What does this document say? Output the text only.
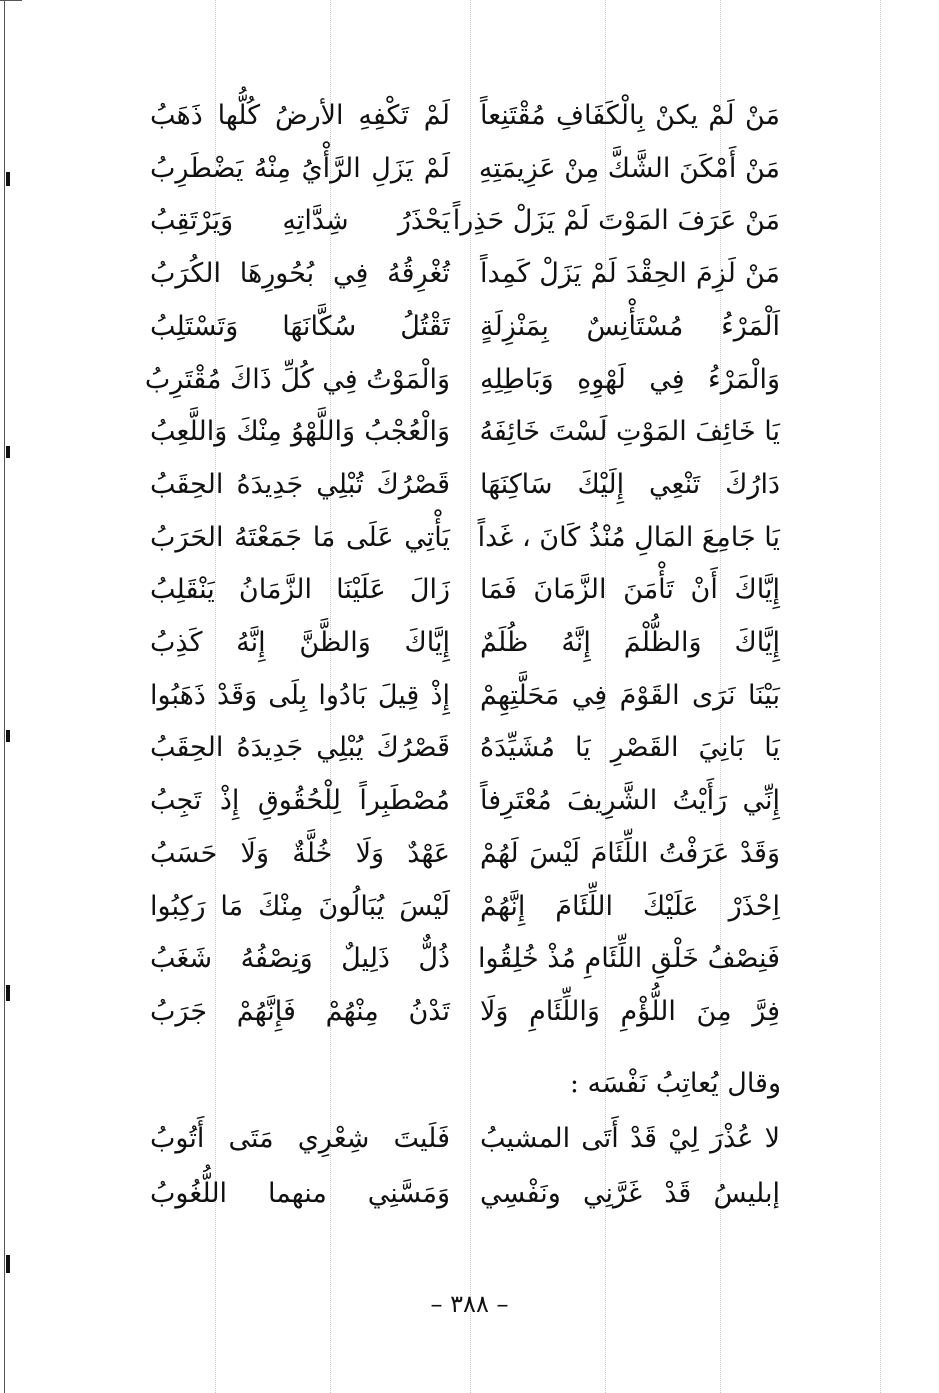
مَنْ لَمْ يكنْ بِالْكَفَافِ مُقْتَنِعاً
لَمْ تَكْفِهِ الأرضُ كُلُّها ذَهَبُ
مَنْ أَمْكَنَ الشَّكَّ مِنْ عَزِيمَتِهِ
لَمْ يَزَلِ الرَّأْيُ مِنْهُ يَضْطَرِبُ
مَنْ عَرَفَ المَوْتَ لَمْ يَزَلْ حَذِراً
يَحْذَرُ شِدَّاتِهِ وَيَرْتَقِبُ
مَنْ لَزِمَ الحِقْدَ لَمْ يَزَلْ كَمِداً
تُغْرِقُهُ فِي بُحُورِهَا الكُرَبُ
اَلْمَرْءُ مُسْتَأْنِسٌ بِمَنْزِلَةٍ
تَقْتُلُ سُكَّانَهَا وَتَسْتَلِبُ
وَالْمَرْءُ فِي لَهْوِهِ وَبَاطِلِهِ
وَالْمَوْتُ فِي كُلِّ ذَاكَ مُقْتَرِبُ
يَا خَائِفَ المَوْتِ لَسْتَ خَائِفَهُ
وَالْعُجْبُ وَاللَّهْوُ مِنْكَ وَاللَّعِبُ
دَارُكَ تَنْعِي إِلَيْكَ سَاكِنَهَا
قَصْرُكَ تُبْلِي جَدِيدَهُ الحِقَبُ
يَا جَامِعَ المَالِ مُنْذُ كَانَ ، غَداً
يَأْتِي عَلَى مَا جَمَعْتَهُ الحَرَبُ
إِيَّاكَ أَنْ تَأْمَنَ الزَّمَانَ فَمَا
زَالَ عَلَيْنَا الزَّمَانُ يَنْقَلِبُ
إِيَّاكَ وَالظُّلْمَ إِنَّهُ ظُلَمٌ
إِيَّاكَ وَالظَّنَّ إِنَّهُ كَذِبُ
بَيْنَا نَرَى القَوْمَ فِي مَحَلَّتِهِمْ
إِذْ قِيلَ بَادُوا بِلَى وَقَدْ ذَهَبُوا
يَا بَانِيَ القَصْرِ يَا مُشَيِّدَهُ
قَصْرُكَ يُبْلِي جَدِيدَهُ الحِقَبُ
إِنِّي رَأَيْتُ الشَّرِيفَ مُعْتَرِفاً
مُصْطَبِراً لِلْحُقُوقِ إِذْ تَجِبُ
وَقَدْ عَرَفْتُ اللِّئَامَ لَيْسَ لَهُمْ
عَهْدٌ وَلَا خُلَّةٌ وَلَا حَسَبُ
اِحْذَرْ عَلَيْكَ اللِّئَامَ إِنَّهُمْ
لَيْسَ يُبَالُونَ مِنْكَ مَا رَكِبُوا
فَنِصْفُ خَلْقِ اللِّئَامِ مُذْ خُلِقُوا
ذُلٌّ ذَلِيلٌ وَنِصْفُهُ شَغَبُ
فِرَّ مِنَ اللُّؤْمِ وَاللِّئَامِ وَلَا
تَدْنُ مِنْهُمْ فَإِنَّهُمْ جَرَبُ
وقال يُعاتِبُ نَفْسَه :
لا عُذْرَ لِيْ قَدْ أَتَى المشيبُ
فَلَيتَ شِعْرِي مَتَى أَتُوبُ
إبليسُ قَدْ غَرَّنِي ونَفْسِي
وَمَسَّنِي منهما اللُّغُوبُ
– ٣٨٨ –
